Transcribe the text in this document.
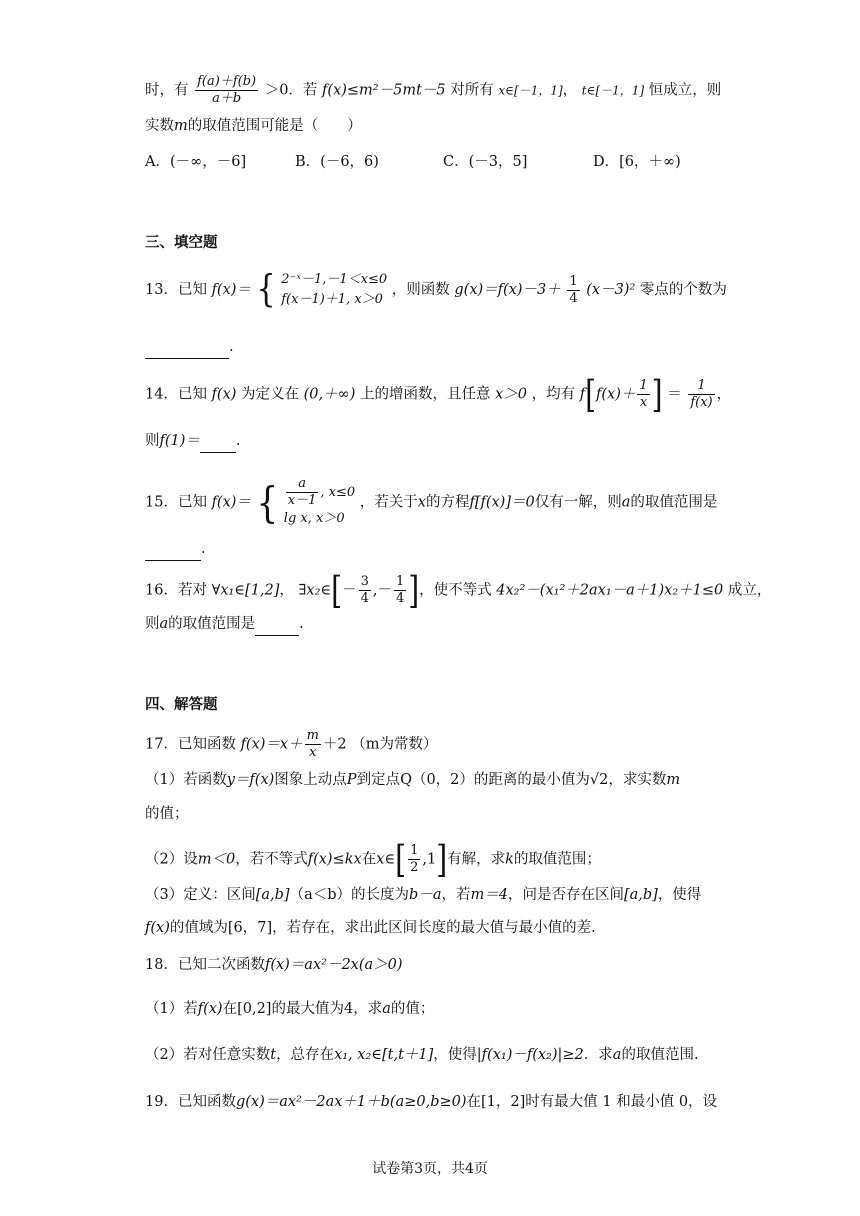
时，有 $\frac{f(a)+f(b)}{a+b} >0$．若 f(x)≤m²－5mt－5 对所有 x∈[－1，1]， t∈[－1，1] 恒成立，则
实数m的取值范围可能是（　　）
A．(－∞，－6]	B．(－6，6)	C．(－3，5]	D．[6，＋∞)
三、填空题
13．已知 f(x)＝ { 2⁻ˣ－1,－1＜x≤0
f(x－1)＋1, x＞0
，则函数 $g(x)=f(x)-3+ \frac{1}{4} (x-3)^2$ 零点的个数为
.
14．已知 f(x) 为定义在 (0,＋∞) 上的增函数，且任意 x＞0 ，均有 $f[f(x)+ \frac{1}{x}$ ] ＝ $\frac{1}{f(x)}$ ，
则f(1)＝ .
15．已知 f(x)＝ { $\frac{a}{x-1}$ , x≤0
lg x, x＞0
，若关于x的方程f[f(x)]＝0仅有一解，则a的取值范围是
.
16．若对 ∀x₁∈[1,2]， ∃x₂∈[－ $\frac{3}{4}$ ,－ $\frac{1}{4}$ ]，使不等式 4x₂²－(x₁²＋2ax₁－a＋1)x₂＋1≤0 成立，
则a的取值范围是	.
四、解答题
17．已知函数 $f(x)=x+ \frac{m}{x} +2$ （m为常数）
（1）若函数y＝f(x)图象上动点P到定点Q（0，2）的距离的最小值为√2，求实数m
的值；
（2）设m＜0，若不等式f(x)≤kx在x∈[ $\frac{1}{2} ,1$]有解，求k的取值范围；
（3）定义：区间[a,b]（a＜b）的长度为b－a，若m＝4，问是否存在区间[a,b]，使得
f(x)的值域为[6，7]，若存在，求出此区间长度的最大值与最小值的差.
18．已知二次函数f(x)＝ax²－2x(a＞0)
（1）若f(x)在[0,2]的最大值为4，求a的值；
（2）若对任意实数t，总存在x₁, x₂∈[t,t＋1]，使得|f(x₁)－f(x₂)|≥2．求a的取值范围.
19．已知函数g(x)＝ax²－2ax＋1＋b(a≥0,b≥0)在[1，2]时有最大值 1 和最小值 0，设
试卷第3页，共4页
